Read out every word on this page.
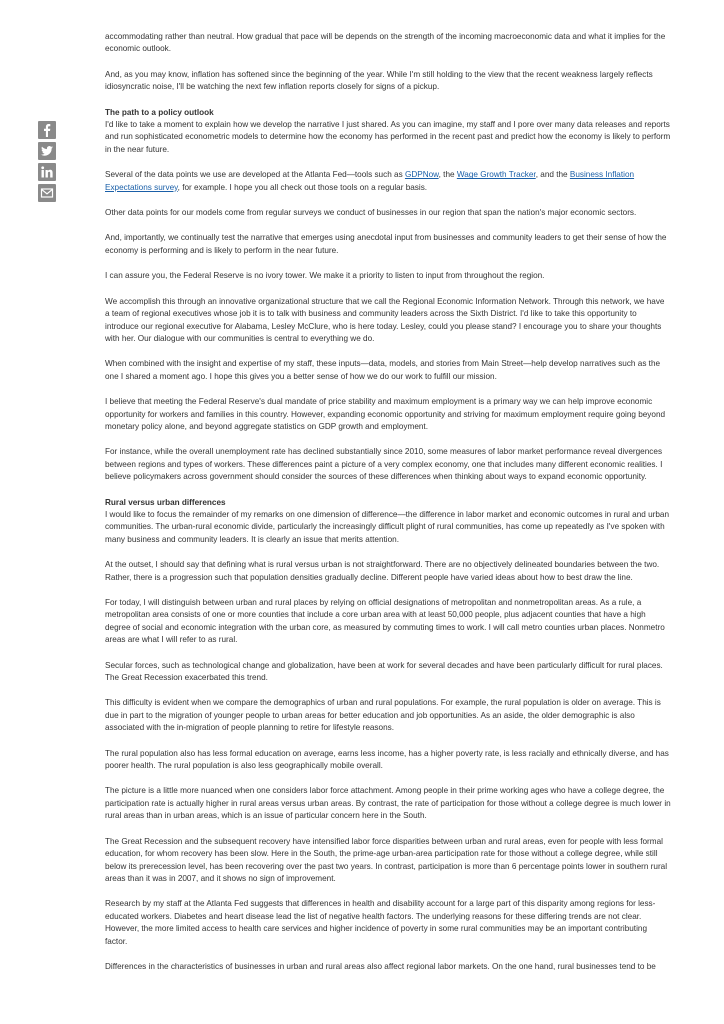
accommodating rather than neutral. How gradual that pace will be depends on the strength of the incoming macroeconomic data and what it implies for the economic outlook.

And, as you may know, inflation has softened since the beginning of the year. While I'm still holding to the view that the recent weakness largely reflects idiosyncratic noise, I'll be watching the next few inflation reports closely for signs of a pickup.

The path to a policy outlook
I'd like to take a moment to explain how we develop the narrative I just shared. As you can imagine, my staff and I pore over many data releases and reports and run sophisticated econometric models to determine how the economy has performed in the recent past and predict how the economy is likely to perform in the near future.

Several of the data points we use are developed at the Atlanta Fed—tools such as GDPNow, the Wage Growth Tracker, and the Business Inflation Expectations survey, for example. I hope you all check out those tools on a regular basis.

Other data points for our models come from regular surveys we conduct of businesses in our region that span the nation's major economic sectors.

And, importantly, we continually test the narrative that emerges using anecdotal input from businesses and community leaders to get their sense of how the economy is performing and is likely to perform in the near future.

I can assure you, the Federal Reserve is no ivory tower. We make it a priority to listen to input from throughout the region.

We accomplish this through an innovative organizational structure that we call the Regional Economic Information Network. Through this network, we have a team of regional executives whose job it is to talk with business and community leaders across the Sixth District. I'd like to take this opportunity to introduce our regional executive for Alabama, Lesley McClure, who is here today. Lesley, could you please stand? I encourage you to share your thoughts with her. Our dialogue with our communities is central to everything we do.

When combined with the insight and expertise of my staff, these inputs—data, models, and stories from Main Street—help develop narratives such as the one I shared a moment ago. I hope this gives you a better sense of how we do our work to fulfill our mission.

I believe that meeting the Federal Reserve's dual mandate of price stability and maximum employment is a primary way we can help improve economic opportunity for workers and families in this country. However, expanding economic opportunity and striving for maximum employment require going beyond monetary policy alone, and beyond aggregate statistics on GDP growth and employment.

For instance, while the overall unemployment rate has declined substantially since 2010, some measures of labor market performance reveal divergences between regions and types of workers. These differences paint a picture of a very complex economy, one that includes many different economic realities. I believe policymakers across government should consider the sources of these differences when thinking about ways to expand economic opportunity.

Rural versus urban differences
I would like to focus the remainder of my remarks on one dimension of difference—the difference in labor market and economic outcomes in rural and urban communities. The urban-rural economic divide, particularly the increasingly difficult plight of rural communities, has come up repeatedly as I've spoken with many business and community leaders. It is clearly an issue that merits attention.

At the outset, I should say that defining what is rural versus urban is not straightforward. There are no objectively delineated boundaries between the two. Rather, there is a progression such that population densities gradually decline. Different people have varied ideas about how to best draw the line.

For today, I will distinguish between urban and rural places by relying on official designations of metropolitan and nonmetropolitan areas. As a rule, a metropolitan area consists of one or more counties that include a core urban area with at least 50,000 people, plus adjacent counties that have a high degree of social and economic integration with the urban core, as measured by commuting times to work. I will call metro counties urban places. Nonmetro areas are what I will refer to as rural.

Secular forces, such as technological change and globalization, have been at work for several decades and have been particularly difficult for rural places. The Great Recession exacerbated this trend.

This difficulty is evident when we compare the demographics of urban and rural populations. For example, the rural population is older on average. This is due in part to the migration of younger people to urban areas for better education and job opportunities. As an aside, the older demographic is also associated with the in-migration of people planning to retire for lifestyle reasons.

The rural population also has less formal education on average, earns less income, has a higher poverty rate, is less racially and ethnically diverse, and has poorer health. The rural population is also less geographically mobile overall.

The picture is a little more nuanced when one considers labor force attachment. Among people in their prime working ages who have a college degree, the participation rate is actually higher in rural areas versus urban areas. By contrast, the rate of participation for those without a college degree is much lower in rural areas than in urban areas, which is an issue of particular concern here in the South.

The Great Recession and the subsequent recovery have intensified labor force disparities between urban and rural areas, even for people with less formal education, for whom recovery has been slow. Here in the South, the prime-age urban-area participation rate for those without a college degree, while still below its prerecession level, has been recovering over the past two years. In contrast, participation is more than 6 percentage points lower in southern rural areas than it was in 2007, and it shows no sign of improvement.

Research by my staff at the Atlanta Fed suggests that differences in health and disability account for a large part of this disparity among regions for less-educated workers. Diabetes and heart disease lead the list of negative health factors. The underlying reasons for these differing trends are not clear. However, the more limited access to health care services and higher incidence of poverty in some rural communities may be an important contributing factor.

Differences in the characteristics of businesses in urban and rural areas also affect regional labor markets. On the one hand, rural businesses tend to be
